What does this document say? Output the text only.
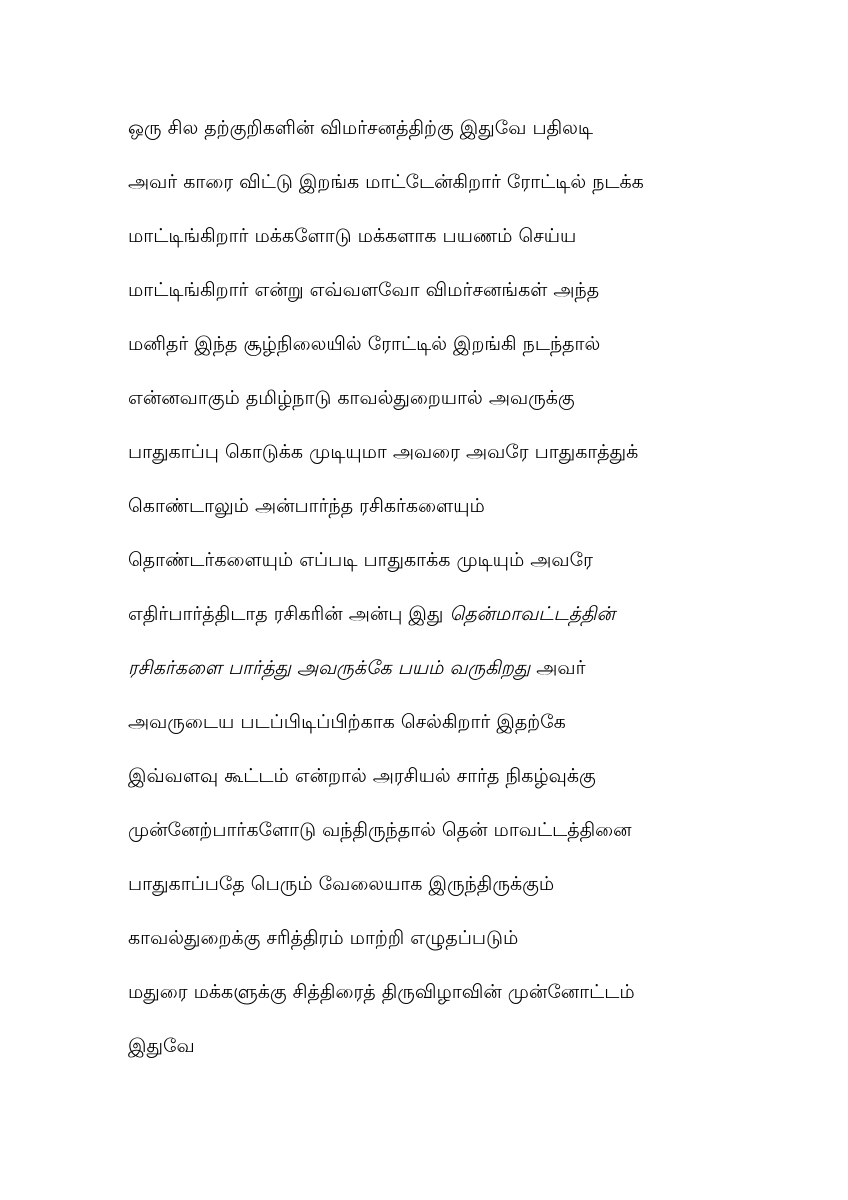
ஒரு சில தற்குறிகளின் விமர்சனத்திற்கு இதுவே பதிலடி
அவர் காரை விட்டு இறங்க மாட்டேன்கிறார் ரோட்டில் நடக்க
மாட்டிங்கிறார் மக்களோடு மக்களாக பயணம் செய்ய
மாட்டிங்கிறார் என்று எவ்வளவோ விமர்சனங்கள் அந்த
மனிதர் இந்த சூழ்நிலையில் ரோட்டில் இறங்கி நடந்தால்
என்னவாகும் தமிழ்நாடு காவல்துறையால் அவருக்கு
பாதுகாப்பு கொடுக்க முடியுமா அவரை அவரே பாதுகாத்துக்
கொண்டாலும் அன்பார்ந்த ரசிகர்களையும்
தொண்டர்களையும் எப்படி பாதுகாக்க முடியும் அவரே
எதிர்பார்த்திடாத ரசிகரின் அன்பு இது தென்மாவட்டத்தின்
ரசிகர்களை பார்த்து அவருக்கே பயம் வருகிறது அவர்
அவருடைய படப்பிடிப்பிற்காக செல்கிறார் இதற்கே
இவ்வளவு கூட்டம் என்றால் அரசியல் சார்த நிகழ்வுக்கு
முன்னேற்பார்களோடு வந்திருந்தால் தென் மாவட்டத்தினை
பாதுகாப்பதே பெரும் வேலையாக இருந்திருக்கும்
காவல்துறைக்கு சரித்திரம் மாற்றி எழுதப்படும்
மதுரை மக்களுக்கு சித்திரைத் திருவிழாவின் முன்னோட்டம்
இதுவே
